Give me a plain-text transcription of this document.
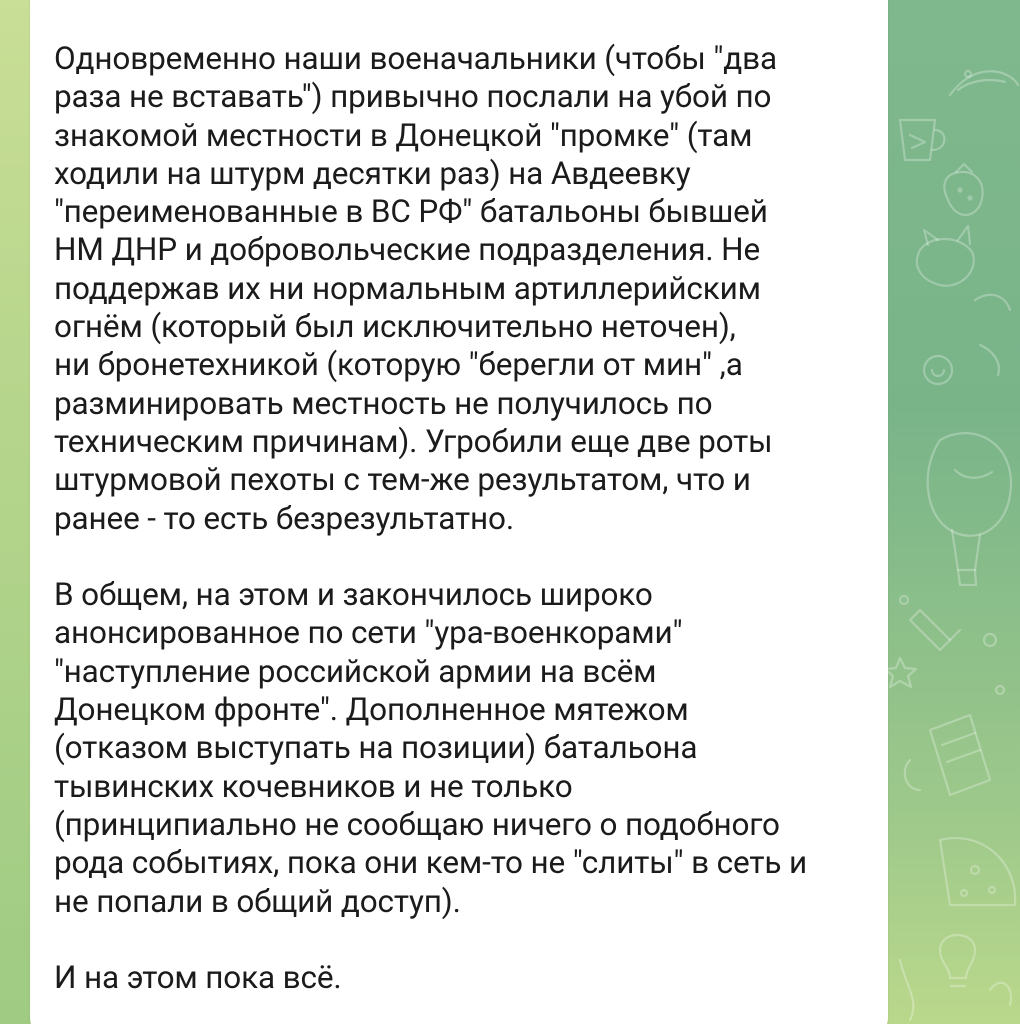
Одновременно наши военачальники (чтобы "два
раза не вставать") привычно послали на убой по
знакомой местности в Донецкой "промке" (там
ходили на штурм десятки раз) на Авдеевку
"переименованные в ВС РФ" батальоны бывшей
НМ ДНР и добровольческие подразделения. Не
поддержав их ни нормальным артиллерийским
огнём (который был исключительно неточен),
ни бронетехникой (которую "берегли от мин" ,а
разминировать местность не получилось по
техническим причинам). Угробили еще две роты
штурмовой пехоты с тем-же результатом, что и
ранее - то есть безрезультатно.

В общем, на этом и закончилось широко
анонсированное по сети "ура-военкорами"
"наступление российской армии на всём
Донецком фронте". Дополненное мятежом
(отказом выступать на позиции) батальона
тывинских кочевников и не только
(принципиально не сообщаю ничего о подобного
рода событиях, пока они кем-то не "слиты" в сеть и
не попали в общий доступ).

И на этом пока всё.
